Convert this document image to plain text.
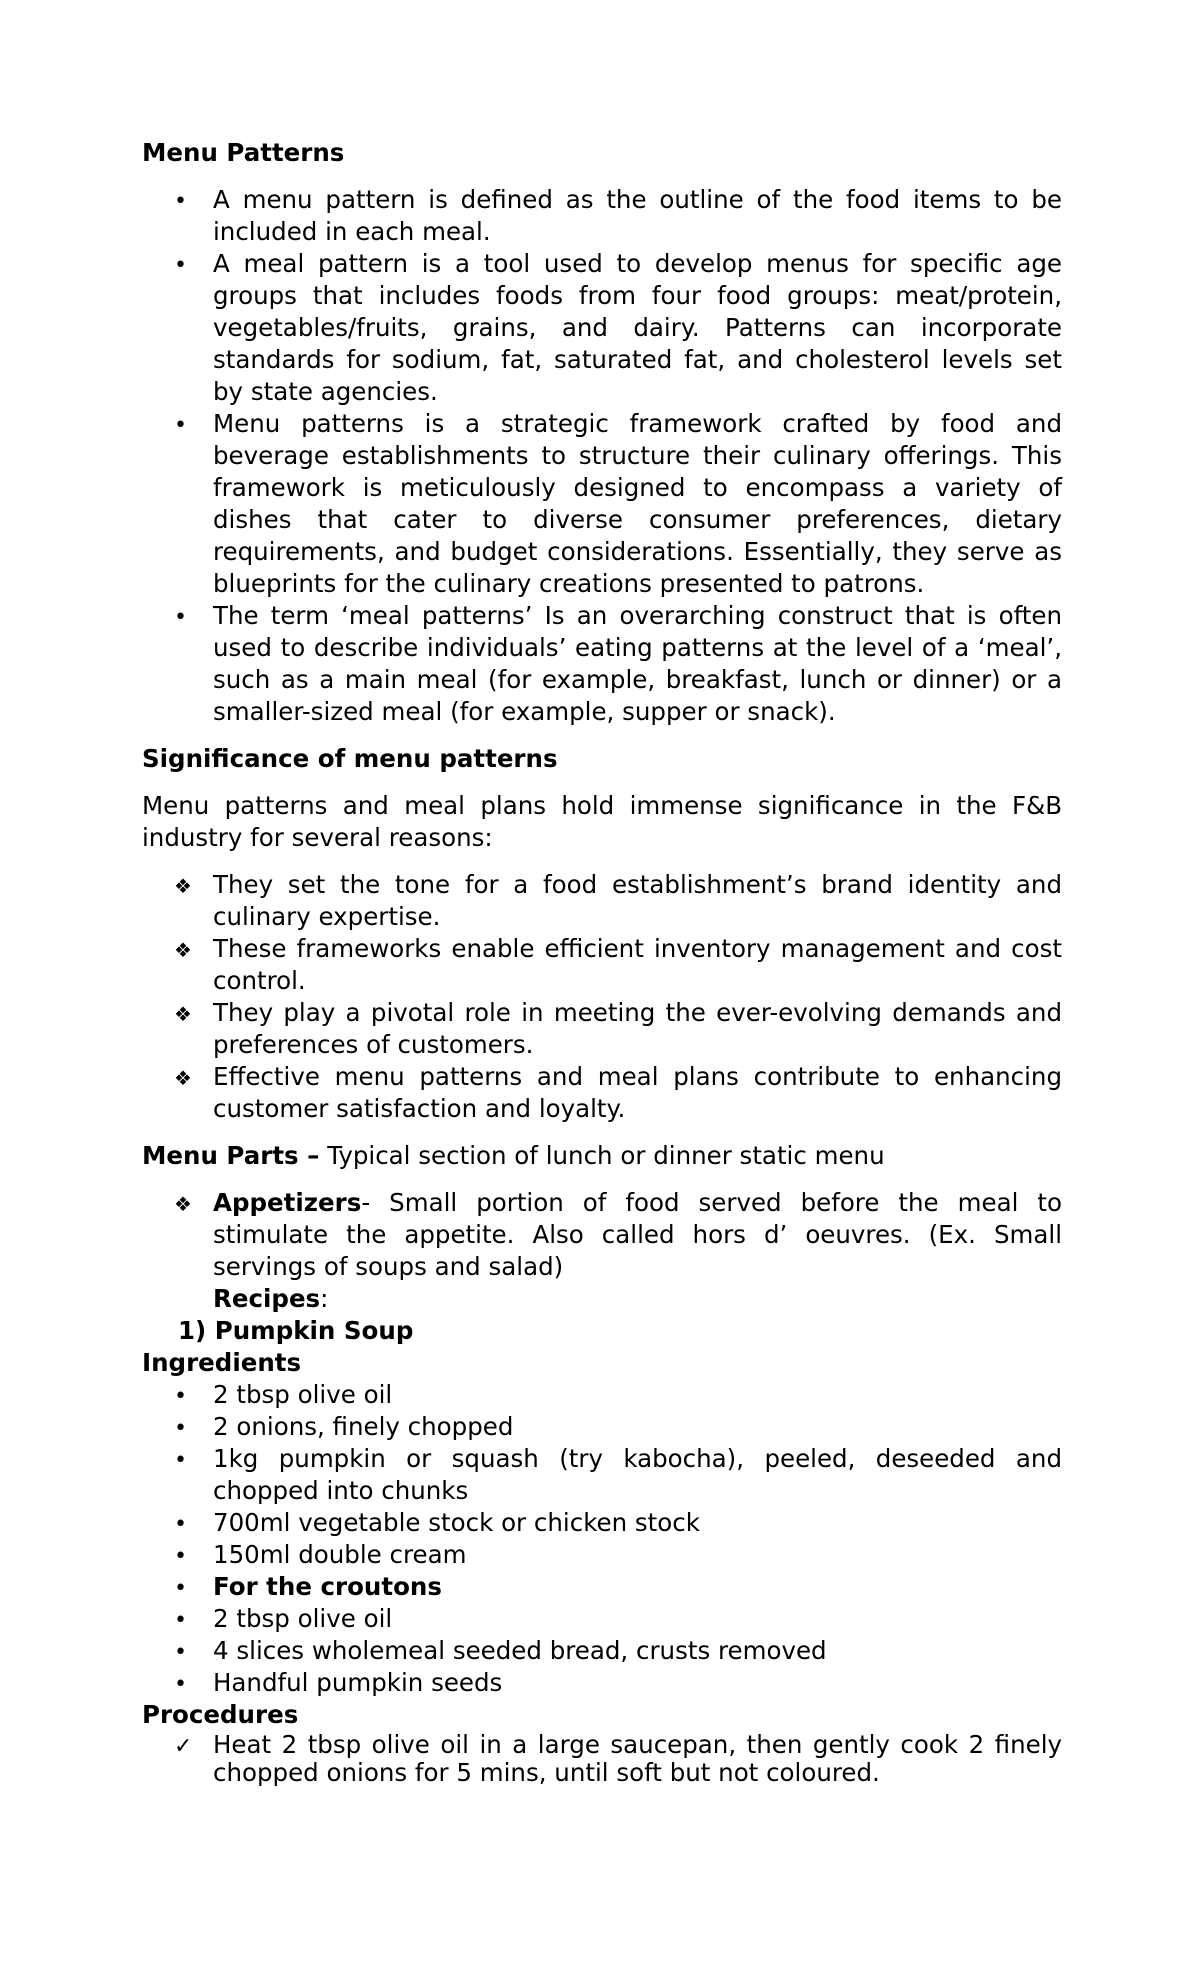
Menu Patterns
•
A menu pattern is defined as the outline of the food items to be included in each meal.
•
A meal pattern is a tool used to develop menus for specific age groups that includes foods from four food groups: meat/protein, vegetables/fruits, grains, and dairy. Patterns can incorporate standards for sodium, fat, saturated fat, and cholesterol levels set by state agencies.
•
Menu patterns is a strategic framework crafted by food and beverage establishments to structure their culinary offerings. This framework is meticulously designed to encompass a variety of dishes that cater to diverse consumer preferences, dietary requirements, and budget considerations. Essentially, they serve as blueprints for the culinary creations presented to patrons.
•
The term ‘meal patterns’ Is an overarching construct that is often used to describe individuals’ eating patterns at the level of a ‘meal’, such as a main meal (for example, breakfast, lunch or dinner) or a smaller-sized meal (for example, supper or snack).
Significance of menu patterns

Menu patterns and meal plans hold immense significance in the F&B industry for several reasons:

❖
They set the tone for a food establishment’s brand identity and culinary expertise.
❖
These frameworks enable efficient inventory management and cost control.
❖
They play a pivotal role in meeting the ever-evolving demands and preferences of customers.
❖
Effective menu patterns and meal plans contribute to enhancing customer satisfaction and loyalty.

Menu Parts – Typical section of lunch or dinner static menu

❖
Appetizers- Small portion of food served before the meal to stimulate the appetite. Also called hors d’ oeuvres. (Ex. Small servings of soups and salad)

Recipes:

1) Pumpkin Soup

Ingredients
•
2 tbsp olive oil
•
2 onions, finely chopped
•
1kg pumpkin or squash (try kabocha), peeled, deseeded and chopped into chunks
•
700ml vegetable stock or chicken stock
•
150ml double cream
•
For the croutons
•
2 tbsp olive oil
•
4 slices wholemeal seeded bread, crusts removed
•
Handful pumpkin seeds
Procedures
✓
Heat 2 tbsp olive oil in a large saucepan, then gently cook 2 finely chopped onions for 5 mins, until soft but not coloured.
